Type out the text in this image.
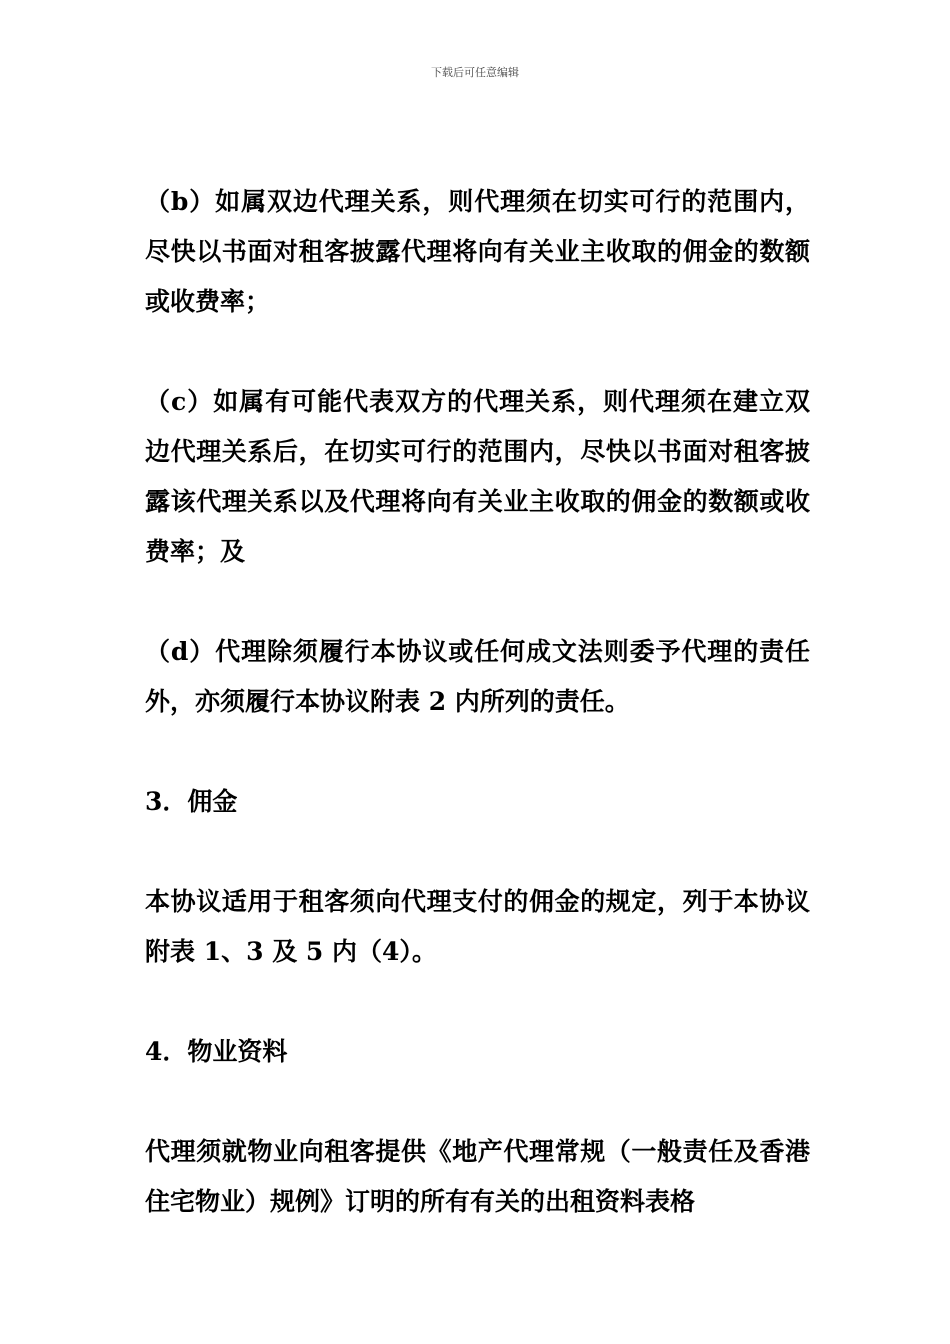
下载后可任意编辑

（b）如属双边代理关系，则代理须在切实可行的范围内，尽快以书面对租客披露代理将向有关业主收取的佣金的数额或收费率；

（c）如属有可能代表双方的代理关系，则代理须在建立双边代理关系后，在切实可行的范围内，尽快以书面对租客披露该代理关系以及代理将向有关业主收取的佣金的数额或收费率；及

（d）代理除须履行本协议或任何成文法则委予代理的责任外，亦须履行本协议附表 2 内所列的责任。

3．佣金

本协议适用于租客须向代理支付的佣金的规定，列于本协议附表 1、3 及 5 内（4）。

4．物业资料

代理须就物业向租客提供《地产代理常规（一般责任及香港住宅物业）规例》订明的所有有关的出租资料表格
